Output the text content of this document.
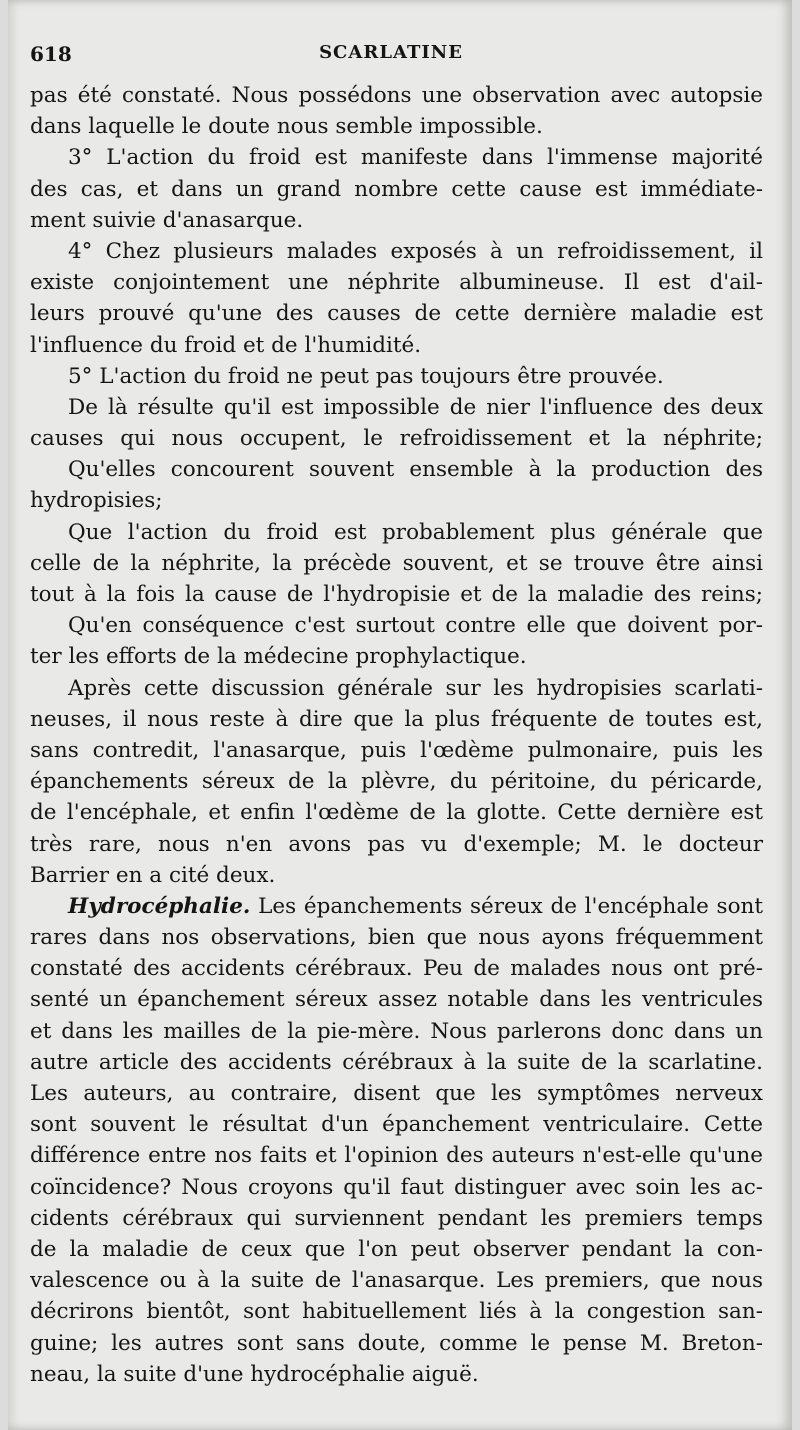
618	SCARLATINE
pas été constaté. Nous possédons une observation avec autopsie
dans laquelle le doute nous semble impossible.
3° L'action du froid est manifeste dans l'immense majorité
des cas, et dans un grand nombre cette cause est immédiate-
ment suivie d'anasarque.
4° Chez plusieurs malades exposés à un refroidissement, il
existe conjointement une néphrite albumineuse. Il est d'ail-
leurs prouvé qu'une des causes de cette dernière maladie est
l'influence du froid et de l'humidité.
5° L'action du froid ne peut pas toujours être prouvée.
De là résulte qu'il est impossible de nier l'influence des deux
causes qui nous occupent, le refroidissement et la néphrite;
Qu'elles concourent souvent ensemble à la production des
hydropisies;
Que l'action du froid est probablement plus générale que
celle de la néphrite, la précède souvent, et se trouve être ainsi
tout à la fois la cause de l'hydropisie et de la maladie des reins;
Qu'en conséquence c'est surtout contre elle que doivent por-
ter les efforts de la médecine prophylactique.
Après cette discussion générale sur les hydropisies scarlati-
neuses, il nous reste à dire que la plus fréquente de toutes est,
sans contredit, l'anasarque, puis l'œdème pulmonaire, puis les
épanchements séreux de la plèvre, du péritoine, du péricarde,
de l'encéphale, et enfin l'œdème de la glotte. Cette dernière est
très rare, nous n'en avons pas vu d'exemple; M. le docteur
Barrier en a cité deux.
Hydrocéphalie. Les épanchements séreux de l'encéphale sont
rares dans nos observations, bien que nous ayons fréquemment
constaté des accidents cérébraux. Peu de malades nous ont pré-
senté un épanchement séreux assez notable dans les ventricules
et dans les mailles de la pie-mère. Nous parlerons donc dans un
autre article des accidents cérébraux à la suite de la scarlatine.
Les auteurs, au contraire, disent que les symptômes nerveux
sont souvent le résultat d'un épanchement ventriculaire. Cette
différence entre nos faits et l'opinion des auteurs n'est-elle qu'une
coïncidence? Nous croyons qu'il faut distinguer avec soin les ac-
cidents cérébraux qui surviennent pendant les premiers temps
de la maladie de ceux que l'on peut observer pendant la con-
valescence ou à la suite de l'anasarque. Les premiers, que nous
décrirons bientôt, sont habituellement liés à la congestion san-
guine; les autres sont sans doute, comme le pense M. Breton-
neau, la suite d'une hydrocéphalie aiguë.
